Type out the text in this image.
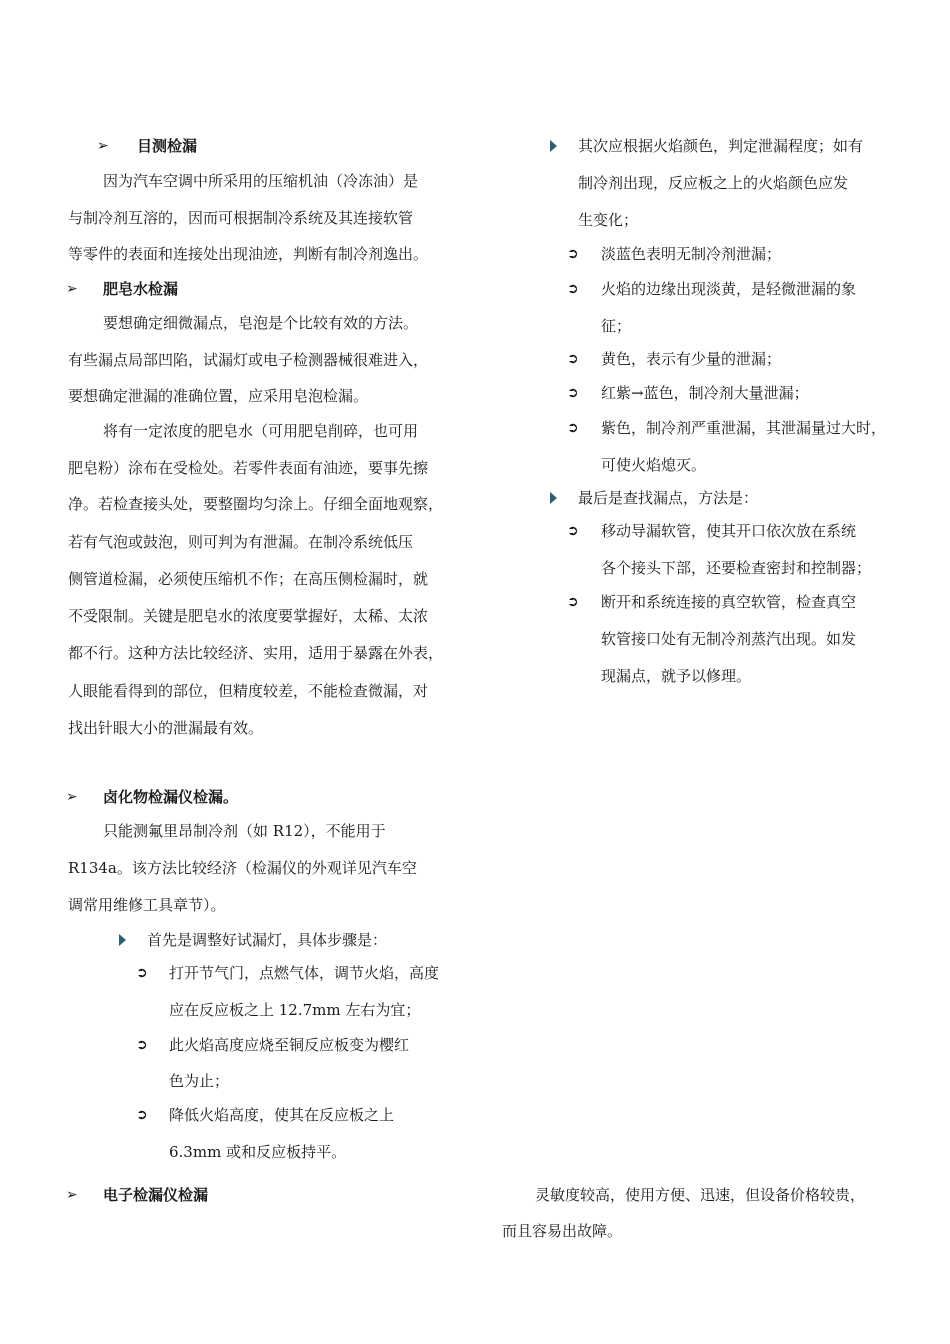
➢ 目测检漏
因为汽车空调中所采用的压缩机油（冷冻油）是
与制冷剂互溶的，因而可根据制冷系统及其连接软管
等零件的表面和连接处出现油迹，判断有制冷剂逸出。
➢ 肥皂水检漏
要想确定细微漏点，皂泡是个比较有效的方法。
有些漏点局部凹陷，试漏灯或电子检测器械很难进入，
要想确定泄漏的准确位置，应采用皂泡检漏。
将有一定浓度的肥皂水（可用肥皂削碎，也可用
肥皂粉）涂布在受检处。若零件表面有油迹，要事先擦
净。若检查接头处，要整圈均匀涂上。仔细全面地观察，
若有气泡或鼓泡，则可判为有泄漏。在制冷系统低压
侧管道检漏，必须使压缩机不作；在高压侧检漏时，就
不受限制。关键是肥皂水的浓度要掌握好，太稀、太浓
都不行。这种方法比较经济、实用，适用于暴露在外表，
人眼能看得到的部位，但精度较差，不能检查微漏，对
找出针眼大小的泄漏最有效。
➢ 卤化物检漏仪检漏。
只能测氟里昂制冷剂（如 R12），不能用于
R134a。该方法比较经济（检漏仪的外观详见汽车空
调常用维修工具章节）。
首先是调整好试漏灯，具体步骤是：
➲ 打开节气门，点燃气体，调节火焰，高度
应在反应板之上 12.7mm 左右为宜；
➲ 此火焰高度应烧至铜反应板变为樱红
色为止；
➲ 降低火焰高度，使其在反应板之上
6.3mm 或和反应板持平。
➢ 电子检漏仪检漏
其次应根据火焰颜色，判定泄漏程度；如有
制冷剂出现，反应板之上的火焰颜色应发
生变化；
➲ 淡蓝色表明无制冷剂泄漏；
➲ 火焰的边缘出现淡黄，是轻微泄漏的象
征；
➲ 黄色，表示有少量的泄漏；
➲ 红紫→蓝色，制冷剂大量泄漏；
➲ 紫色，制冷剂严重泄漏，其泄漏量过大时，
可使火焰熄灭。
最后是查找漏点，方法是：
➲ 移动导漏软管，使其开口依次放在系统
各个接头下部，还要检查密封和控制器；
➲ 断开和系统连接的真空软管，检查真空
软管接口处有无制冷剂蒸汽出现。如发
现漏点，就予以修理。
灵敏度较高，使用方便、迅速，但设备价格较贵，
而且容易出故障。
